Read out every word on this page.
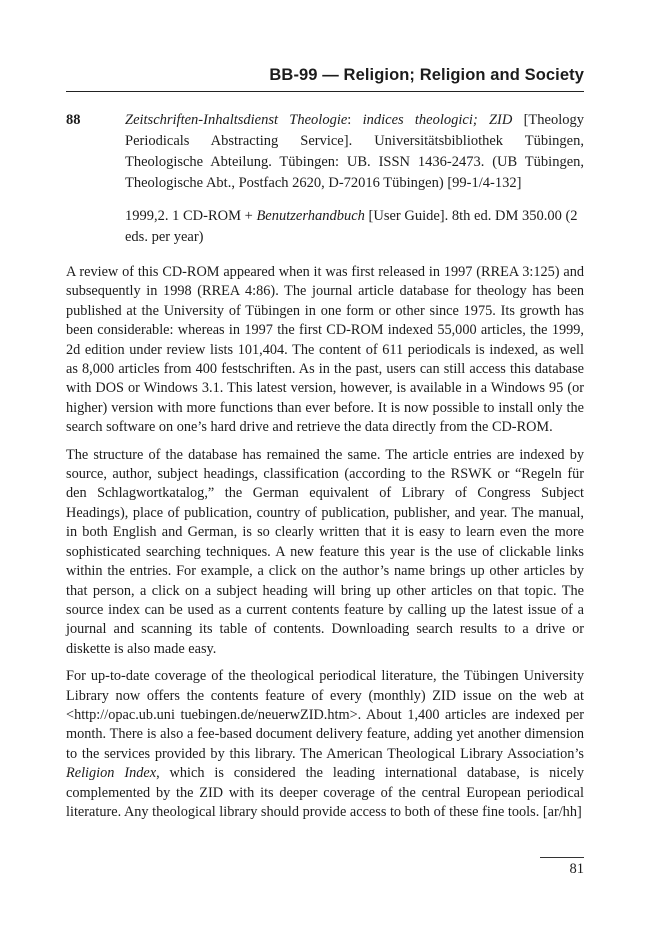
BB-99 — Religion; Religion and Society
88	Zeitschriften-Inhaltsdienst Theologie: indices theologici; ZID [Theology Periodicals Abstracting Service]. Universitätsbibliothek Tübingen, Theologische Abteilung. Tübingen: UB. ISSN 1436-2473. (UB Tübingen, Theologische Abt., Postfach 2620, D-72016 Tübingen) [99-1/4-132]
1999,2. 1 CD-ROM + Benutzerhandbuch [User Guide]. 8th ed. DM 350.00 (2 eds. per year)

A review of this CD-ROM appeared when it was first released in 1997 (RREA 3:125) and subsequently in 1998 (RREA 4:86). The journal article database for theology has been published at the University of Tübingen in one form or other since 1975. Its growth has been considerable: whereas in 1997 the first CD-ROM indexed 55,000 articles, the 1999, 2d edition under review lists 101,404. The content of 611 periodicals is indexed, as well as 8,000 articles from 400 festschriften. As in the past, users can still access this database with DOS or Windows 3.1. This latest version, however, is available in a Windows 95 (or higher) version with more functions than ever before. It is now possible to install only the search software on one’s hard drive and retrieve the data directly from the CD-ROM.

The structure of the database has remained the same. The article entries are indexed by source, author, subject headings, classification (according to the RSWK or “Regeln für den Schlagwortkatalog,” the German equivalent of Library of Congress Subject Headings), place of publication, country of publication, publisher, and year. The manual, in both English and German, is so clearly written that it is easy to learn even the more sophisticated searching techniques. A new feature this year is the use of clickable links within the entries. For example, a click on the author’s name brings up other articles by that person, a click on a subject heading will bring up other articles on that topic. The source index can be used as a current contents feature by calling up the latest issue of a journal and scanning its table of contents. Downloading search results to a drive or diskette is also made easy.

For up-to-date coverage of the theological periodical literature, the Tübingen University Library now offers the contents feature of every (monthly) ZID issue on the web at <http://opac.ub.uni tuebingen.de/neuerwZID.htm>. About 1,400 articles are indexed per month. There is also a fee-based document delivery feature, adding yet another dimension to the services provided by this library. The American Theological Library Association’s Religion Index, which is considered the leading international database, is nicely complemented by the ZID with its deeper coverage of the central European periodical literature. Any theological library should provide access to both of these fine tools. [ar/hh]

81
